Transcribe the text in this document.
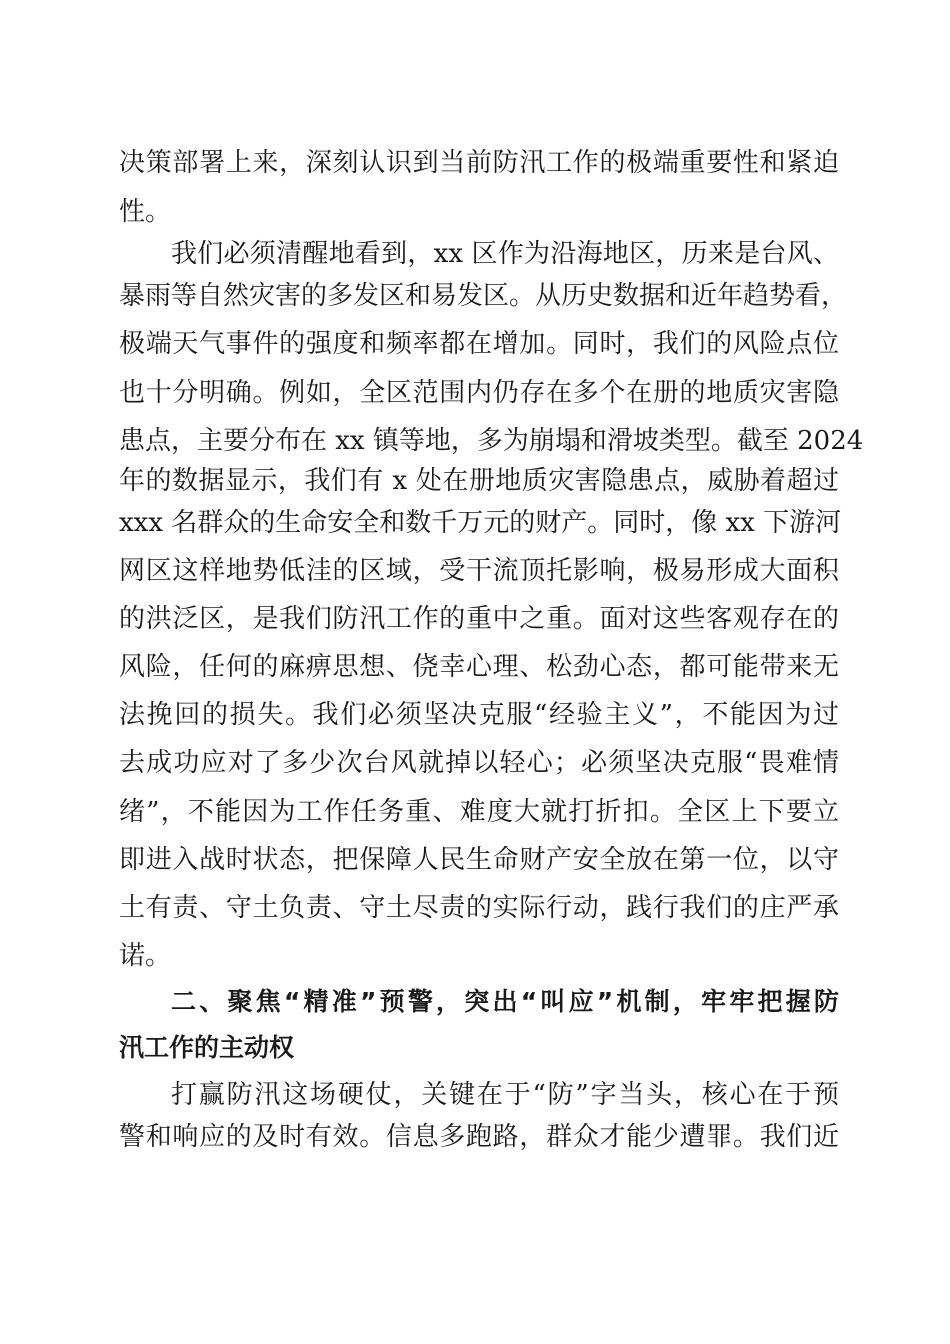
决策部署上来，深刻认识到当前防汛工作的极端重要性和紧迫
性。
我们必须清醒地看到，xx 区作为沿海地区，历来是台风、
暴雨等自然灾害的多发区和易发区。从历史数据和近年趋势看，
极端天气事件的强度和频率都在增加。同时，我们的风险点位
也十分明确。例如，全区范围内仍存在多个在册的地质灾害隐
患点，主要分布在 xx 镇等地，多为崩塌和滑坡类型。截至 2024
年的数据显示，我们有 x 处在册地质灾害隐患点，威胁着超过
xxx 名群众的生命安全和数千万元的财产。同时，像 xx 下游河
网区这样地势低洼的区域，受干流顶托影响，极易形成大面积
的洪泛区，是我们防汛工作的重中之重。面对这些客观存在的
风险，任何的麻痹思想、侥幸心理、松劲心态，都可能带来无
法挽回的损失。我们必须坚决克服“经验主义”，不能因为过
去成功应对了多少次台风就掉以轻心；必须坚决克服“畏难情
绪”，不能因为工作任务重、难度大就打折扣。全区上下要立
即进入战时状态，把保障人民生命财产安全放在第一位，以守
土有责、守土负责、守土尽责的实际行动，践行我们的庄严承
诺。
二、聚焦“精准”预警，突出“叫应”机制，牢牢把握防
汛工作的主动权
打赢防汛这场硬仗，关键在于“防”字当头，核心在于预
警和响应的及时有效。信息多跑路，群众才能少遭罪。我们近
